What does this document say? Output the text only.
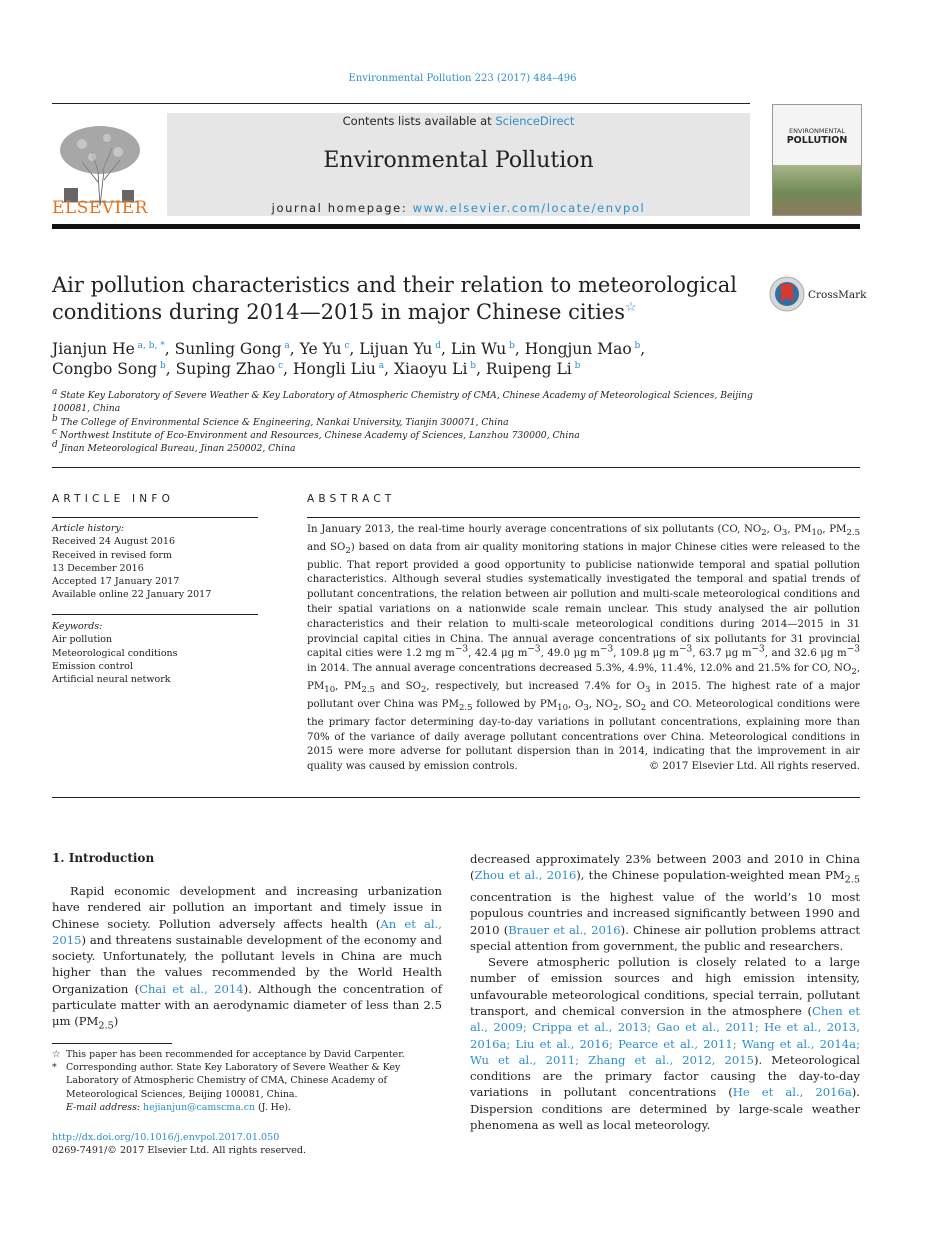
Environmental Pollution 223 (2017) 484–496
ELSEVIER
Contents lists available at ScienceDirect
Environmental Pollution
journal homepage: www.elsevier.com/locate/envpol
ENVIRONMENTAL
POLLUTION
Air pollution characteristics and their relation to meteorological
conditions during 2014—2015 in major Chinese cities☆
CrossMark
Jianjun He $^{a, b, *}$, Sunling Gong $^a$, Ye Yu $^c$, Lijuan Yu $^d$, Lin Wu $^b$, Hongjun Mao $^b$,
Congbo Song $^b$, Suping Zhao $^c$, Hongli Liu $^a$, Xiaoyu Li $^b$, Ruipeng Li $^b$
$^a$ State Key Laboratory of Severe Weather & Key Laboratory of Atmospheric Chemistry of CMA, Chinese Academy of Meteorological Sciences, Beijing 100081, China
$^b$ The College of Environmental Science & Engineering, Nankai University, Tianjin 300071, China
$^c$ Northwest Institute of Eco-Environment and Resources, Chinese Academy of Sciences, Lanzhou 730000, China
$^d$ Jinan Meteorological Bureau, Jinan 250002, China
ARTICLE INFO
Article history:
Received 24 August 2016
Received in revised form
13 December 2016
Accepted 17 January 2017
Available online 22 January 2017
Keywords:
Air pollution
Meteorological conditions
Emission control
Artificial neural network
ABSTRACT
In January 2013, the real-time hourly average concentrations of six pollutants (CO, $NO_2$, $O_3$, $PM_{10}$, $PM_{2.5}$ and $SO_2$) based on data from air quality monitoring stations in major Chinese cities were released to the public. That report provided a good opportunity to publicise nationwide temporal and spatial pollution characteristics. Although several studies systematically investigated the temporal and spatial trends of pollutant concentrations, the relation between air pollution and multi-scale meteorological conditions and their spatial variations on a nationwide scale remain unclear. This study analysed the air pollution characteristics and their relation to multi-scale meteorological conditions during 2014—2015 in 31 provincial capital cities in China. The annual average concentrations of six pollutants for 31 provincial capital cities were 1.2 mg $m^{-3}$, 42.4 μg $m^{-3}$, 49.0 μg $m^{-3}$, 109.8 μg $m^{-3}$, 63.7 μg $m^{-3}$, and 32.6 μg $m^{-3}$ in 2014. The annual average concentrations decreased 5.3%, 4.9%, 11.4%, 12.0% and 21.5% for CO, $NO_2$, $PM_{10}$, $PM_{2.5}$ and $SO_2$, respectively, but increased 7.4% for $O_3$ in 2015. The highest rate of a major pollutant over China was $PM_{2.5}$ followed by $PM_{10}$, $O_3$, $NO_2$, $SO_2$ and CO. Meteorological conditions were the primary factor determining day-to-day variations in pollutant concentrations, explaining more than 70% of the variance of daily average pollutant concentrations over China. Meteorological conditions in 2015 were more adverse for pollutant dispersion than in 2014, indicating that the improvement in air quality was caused by emission controls.	© 2017 Elsevier Ltd. All rights reserved.
1. Introduction

Rapid economic development and increasing urbanization have rendered air pollution an important and timely issue in Chinese society. Pollution adversely affects health (An et al., 2015) and threatens sustainable development of the economy and society. Unfortunately, the pollutant levels in China are much higher than the values recommended by the World Health Organization (Chai et al., 2014). Although the concentration of particulate matter with an aerodynamic diameter of less than 2.5 μm $(PM_{2.5})$

decreased approximately 23% between 2003 and 2010 in China (Zhou et al., 2016), the Chinese population-weighted mean $PM_{2.5}$ concentration is the highest value of the world’s 10 most populous countries and increased significantly between 1990 and 2010 (Brauer et al., 2016). Chinese air pollution problems attract special attention from government, the public and researchers.

Severe atmospheric pollution is closely related to a large number of emission sources and high emission intensity, unfavourable meteorological conditions, special terrain, pollutant transport, and chemical conversion in the atmosphere (Chen et al., 2009; Crippa et al., 2013; Gao et al., 2011; He et al., 2013, 2016a; Liu et al., 2016; Pearce et al., 2011; Wang et al., 2014a; Wu et al., 2011; Zhang et al., 2012, 2015). Meteorological conditions are the primary factor causing the day-to-day variations in pollutant concentrations (He et al., 2016a). Dispersion conditions are determined by large-scale weather phenomena as well as local meteorology.

☆ This paper has been recommended for acceptance by David Carpenter.
* Corresponding author. State Key Laboratory of Severe Weather & Key Laboratory of Atmospheric Chemistry of CMA, Chinese Academy of Meteorological Sciences, Beijing 100081, China.
E-mail address: hejianjun@camscma.cn (J. He).
http://dx.doi.org/10.1016/j.envpol.2017.01.050
0269-7491/© 2017 Elsevier Ltd. All rights reserved.
